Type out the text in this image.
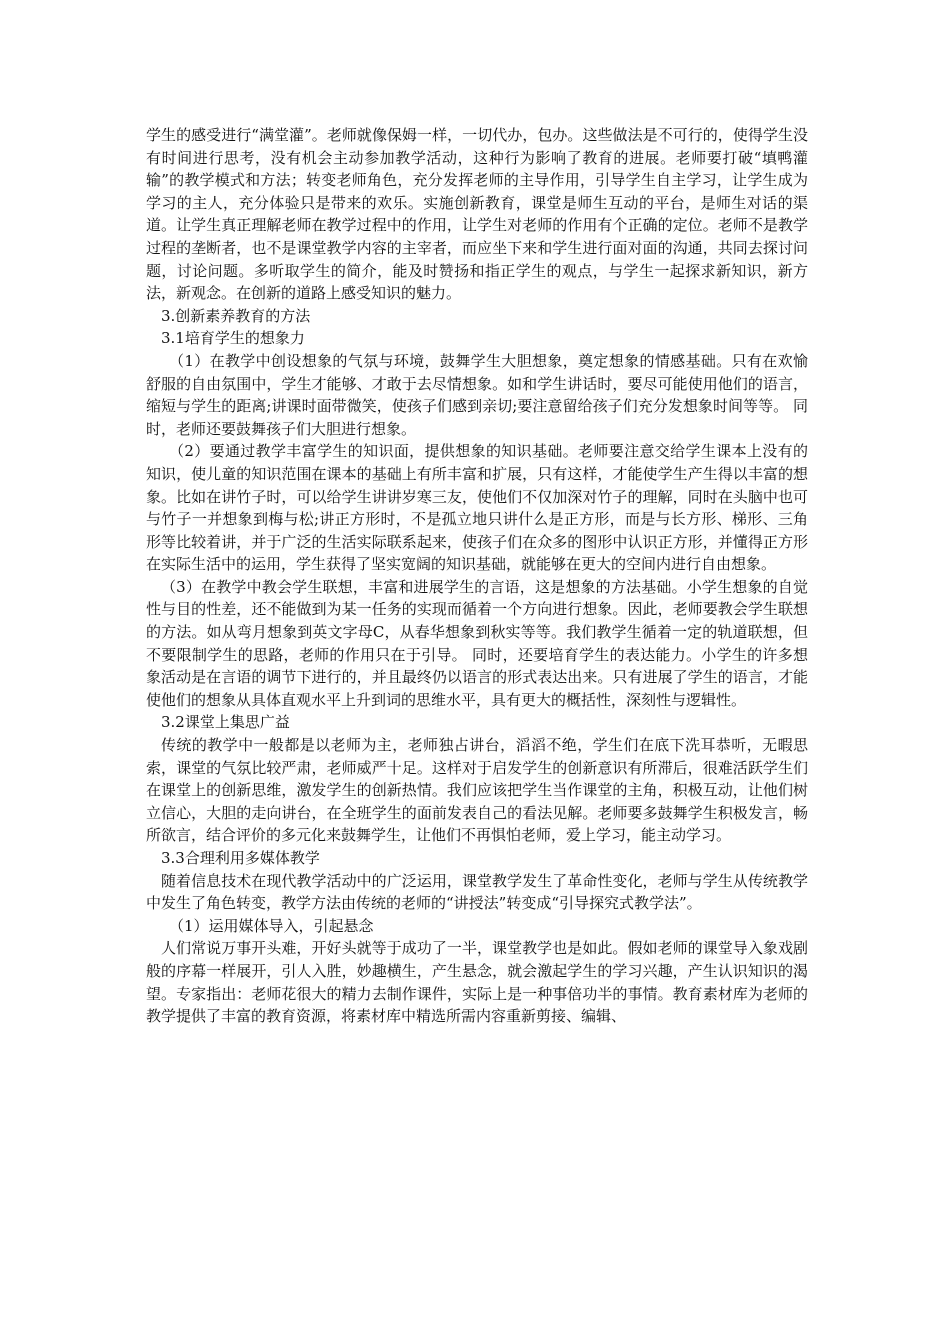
学生的感受进行“满堂灌”。老师就像保姆一样，一切代办，包办。这些做法是不可行的，使得学生没有时间进行思考，没有机会主动参加教学活动，这种行为影响了教育的进展。老师要打破“填鸭灌输”的教学模式和方法；转变老师角色，充分发挥老师的主导作用，引导学生自主学习，让学生成为学习的主人，充分体验只是带来的欢乐。实施创新教育，课堂是师生互动的平台，是师生对话的渠道。让学生真正理解老师在教学过程中的作用，让学生对老师的作用有个正确的定位。老师不是教学过程的垄断者，也不是课堂教学内容的主宰者，而应坐下来和学生进行面对面的沟通，共同去探讨问题，讨论问题。多听取学生的简介，能及时赞扬和指正学生的观点，与学生一起探求新知识，新方法，新观念。在创新的道路上感受知识的魅力。

3.创新素养教育的方法

3.1培育学生的想象力

（1）在教学中创设想象的气氛与环境，鼓舞学生大胆想象，奠定想象的情感基础。只有在欢愉舒服的自由氛围中，学生才能够、才敢于去尽情想象。如和学生讲话时，要尽可能使用他们的语言，缩短与学生的距离;讲课时面带微笑，使孩子们感到亲切;要注意留给孩子们充分发想象时间等等。 同时，老师还要鼓舞孩子们大胆进行想象。

（2）要通过教学丰富学生的知识面，提供想象的知识基础。老师要注意交给学生课本上没有的知识，使儿童的知识范围在课本的基础上有所丰富和扩展，只有这样，才能使学生产生得以丰富的想象。比如在讲竹子时，可以给学生讲讲岁寒三友，使他们不仅加深对竹子的理解，同时在头脑中也可与竹子一并想象到梅与松;讲正方形时，不是孤立地只讲什么是正方形，而是与长方形、梯形、三角形等比较着讲，并于广泛的生活实际联系起来，使孩子们在众多的图形中认识正方形，并懂得正方形在实际生活中的运用，学生获得了坚实宽阔的知识基础，就能够在更大的空间内进行自由想象。

（3）在教学中教会学生联想，丰富和进展学生的言语，这是想象的方法基础。小学生想象的自觉性与目的性差，还不能做到为某一任务的实现而循着一个方向进行想象。因此，老师要教会学生联想的方法。如从弯月想象到英文字母C，从春华想象到秋实等等。我们教学生循着一定的轨道联想，但不要限制学生的思路，老师的作用只在于引导。 同时，还要培育学生的表达能力。小学生的许多想象活动是在言语的调节下进行的，并且最终仍以语言的形式表达出来。只有进展了学生的语言，才能使他们的想象从具体直观水平上升到词的思维水平，具有更大的概括性，深刻性与逻辑性。

3.2课堂上集思广益

传统的教学中一般都是以老师为主，老师独占讲台，滔滔不绝，学生们在底下洗耳恭听，无暇思索，课堂的气氛比较严肃，老师威严十足。这样对于启发学生的创新意识有所滞后，很难活跃学生们在课堂上的创新思维，激发学生的创新热情。我们应该把学生当作课堂的主角，积极互动，让他们树立信心，大胆的走向讲台，在全班学生的面前发表自己的看法见解。老师要多鼓舞学生积极发言，畅所欲言，结合评价的多元化来鼓舞学生，让他们不再惧怕老师，爱上学习，能主动学习。

3.3合理利用多媒体教学

随着信息技术在现代教学活动中的广泛运用，课堂教学发生了革命性变化，老师与学生从传统教学中发生了角色转变，教学方法由传统的老师的“讲授法”转变成“引导探究式教学法”。

（1）运用媒体导入，引起悬念

人们常说万事开头难，开好头就等于成功了一半，课堂教学也是如此。假如老师的课堂导入象戏剧般的序幕一样展开，引人入胜，妙趣横生，产生悬念，就会激起学生的学习兴趣，产生认识知识的渴望。专家指出：老师花很大的精力去制作课件，实际上是一种事倍功半的事情。教育素材库为老师的教学提供了丰富的教育资源，将素材库中精选所需内容重新剪接、编辑、
